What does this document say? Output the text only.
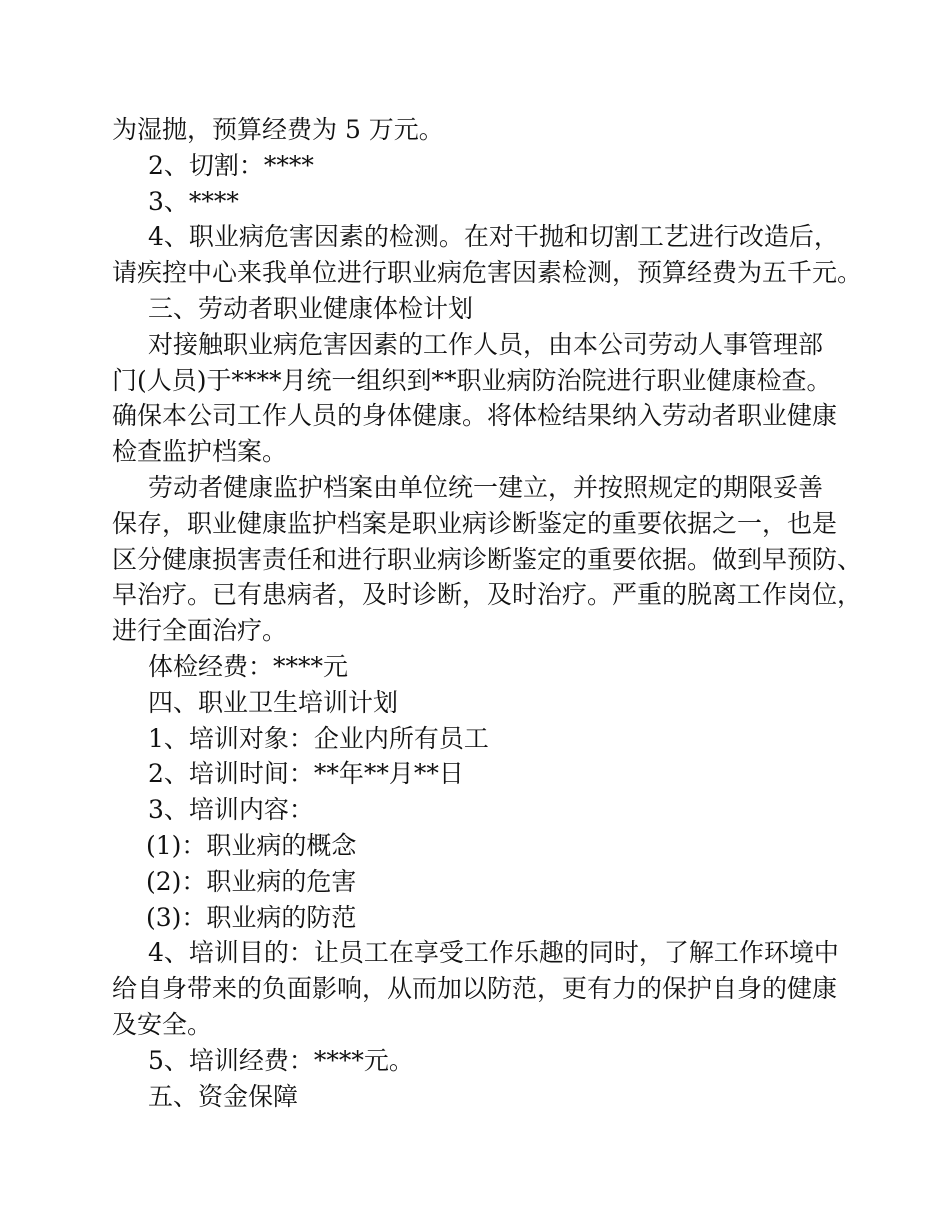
为湿抛，预算经费为 5 万元。
2、切割：****
3、****
4、职业病危害因素的检测。在对干抛和切割工艺进行改造后，
请疾控中心来我单位进行职业病危害因素检测，预算经费为五千元。
三、劳动者职业健康体检计划
对接触职业病危害因素的工作人员，由本公司劳动人事管理部
门(人员)于****月统一组织到**职业病防治院进行职业健康检查。
确保本公司工作人员的身体健康。将体检结果纳入劳动者职业健康
检查监护档案。
劳动者健康监护档案由单位统一建立，并按照规定的期限妥善
保存，职业健康监护档案是职业病诊断鉴定的重要依据之一，也是
区分健康损害责任和进行职业病诊断鉴定的重要依据。做到早预防、
早治疗。已有患病者，及时诊断，及时治疗。严重的脱离工作岗位，
进行全面治疗。
体检经费：****元
四、职业卫生培训计划
1、培训对象：企业内所有员工
2、培训时间：**年**月**日
3、培训内容：
(1)：职业病的概念
(2)：职业病的危害
(3)：职业病的防范
4、培训目的：让员工在享受工作乐趣的同时，了解工作环境中
给自身带来的负面影响，从而加以防范，更有力的保护自身的健康
及安全。
5、培训经费：****元。
五、资金保障
